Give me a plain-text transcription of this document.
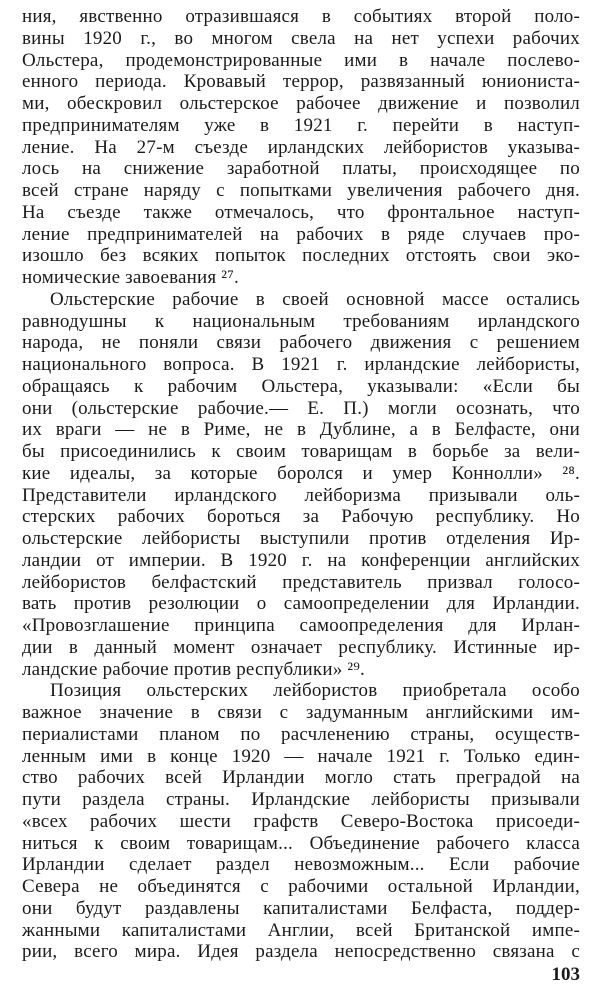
ния, явственно отразившаяся в событиях второй поло-
вины 1920 г., во многом свела на нет успехи рабочих
Ольстера, продемонстрированные ими в начале послево-
енного периода. Кровавый террор, развязанный юниониста-
ми, обескровил ольстерское рабочее движение и позволил
предпринимателям уже в 1921 г. перейти в наступ-
ление. На 27-м съезде ирландских лейбористов указыва-
лось на снижение заработной платы, происходящее по
всей стране наряду с попытками увеличения рабочего дня.
На съезде также отмечалось, что фронтальное наступ-
ление предпринимателей на рабочих в ряде случаев про-
изошло без всяких попыток последних отстоять свои эко-
номические завоевания ²⁷.
Ольстерские рабочие в своей основной массе остались
равнодушны к национальным требованиям ирландского
народа, не поняли связи рабочего движения с решением
национального вопроса. В 1921 г. ирландские лейбористы,
обращаясь к рабочим Ольстера, указывали: «Если бы
они (ольстерские рабочие.— Е. П.) могли осознать, что
их враги — не в Риме, не в Дублине, а в Белфасте, они
бы присоединились к своим товарищам в борьбе за вели-
кие идеалы, за которые боролся и умер Коннолли» ²⁸.
Представители ирландского лейборизма призывали оль-
стерских рабочих бороться за Рабочую республику. Но
ольстерские лейбористы выступили против отделения Ир-
ландии от империи. В 1920 г. на конференции английских
лейбористов белфастский представитель призвал голосо-
вать против резолюции о самоопределении для Ирландии.
«Провозглашение принципа самоопределения для Ирлан-
дии в данный момент означает республику. Истинные ир-
ландские рабочие против республики» ²⁹.
Позиция ольстерских лейбористов приобретала особо
важное значение в связи с задуманным английскими им-
периалистами планом по расчленению страны, осуществ-
ленным ими в конце 1920 — начале 1921 г. Только един-
ство рабочих всей Ирландии могло стать преградой на
пути раздела страны. Ирландские лейбористы призывали
«всех рабочих шести графств Северо-Востока присоеди-
ниться к своим товарищам... Объединение рабочего класса
Ирландии сделает раздел невозможным... Если рабочие
Севера не объединятся с рабочими остальной Ирландии,
они будут раздавлены капиталистами Белфаста, поддер-
жанными капиталистами Англии, всей Британской импе-
рии, всего мира. Идея раздела непосредственно связана с
103
